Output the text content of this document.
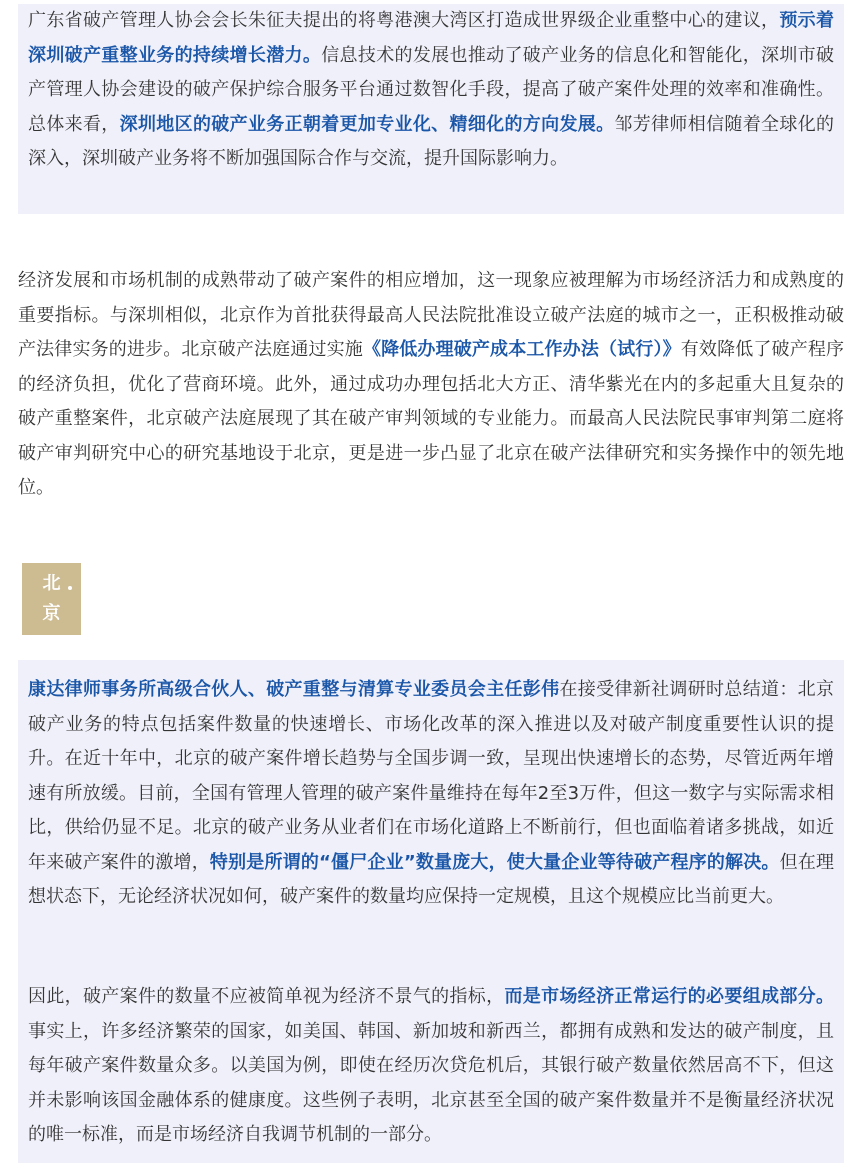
广东省破产管理人协会会长朱征夫提出的将粤港澳大湾区打造成世界级企业重整中心的建议，预示着深圳破产重整业务的持续增长潜力。信息技术的发展也推动了破产业务的信息化和智能化，深圳市破产管理人协会建设的破产保护综合服务平台通过数智化手段，提高了破产案件处理的效率和准确性。总体来看，深圳地区的破产业务正朝着更加专业化、精细化的方向发展。邹芳律师相信随着全球化的深入，深圳破产业务将不断加强国际合作与交流，提升国际影响力。
经济发展和市场机制的成熟带动了破产案件的相应增加，这一现象应被理解为市场经济活力和成熟度的重要指标。与深圳相似，北京作为首批获得最高人民法院批准设立破产法庭的城市之一，正积极推动破产法律实务的进步。北京破产法庭通过实施《降低办理破产成本工作办法（试行）》有效降低了破产程序的经济负担，优化了营商环境。此外，通过成功办理包括北大方正、清华紫光在内的多起重大且复杂的破产重整案件，北京破产法庭展现了其在破产审判领域的专业能力。而最高人民法院民事审判第二庭将破产审判研究中心的研究基地设于北京，更是进一步凸显了北京在破产法律研究和实务操作中的领先地位。
北
京
康达律师事务所高级合伙人、破产重整与清算专业委员会主任彭伟在接受律新社调研时总结道：北京破产业务的特点包括案件数量的快速增长、市场化改革的深入推进以及对破产制度重要性认识的提升。在近十年中，北京的破产案件增长趋势与全国步调一致，呈现出快速增长的态势，尽管近两年增速有所放缓。目前，全国有管理人管理的破产案件量维持在每年2至3万件，但这一数字与实际需求相比，供给仍显不足。北京的破产业务从业者们在市场化道路上不断前行，但也面临着诸多挑战，如近年来破产案件的激增，特别是所谓的“僵尸企业”数量庞大，使大量企业等待破产程序的解决。但在理想状态下，无论经济状况如何，破产案件的数量均应保持一定规模，且这个规模应比当前更大。
因此，破产案件的数量不应被简单视为经济不景气的指标，而是市场经济正常运行的必要组成部分。事实上，许多经济繁荣的国家，如美国、韩国、新加坡和新西兰，都拥有成熟和发达的破产制度，且每年破产案件数量众多。以美国为例，即使在经历次贷危机后，其银行破产数量依然居高不下，但这并未影响该国金融体系的健康度。这些例子表明，北京甚至全国的破产案件数量并不是衡量经济状况的唯一标准，而是市场经济自我调节机制的一部分。
